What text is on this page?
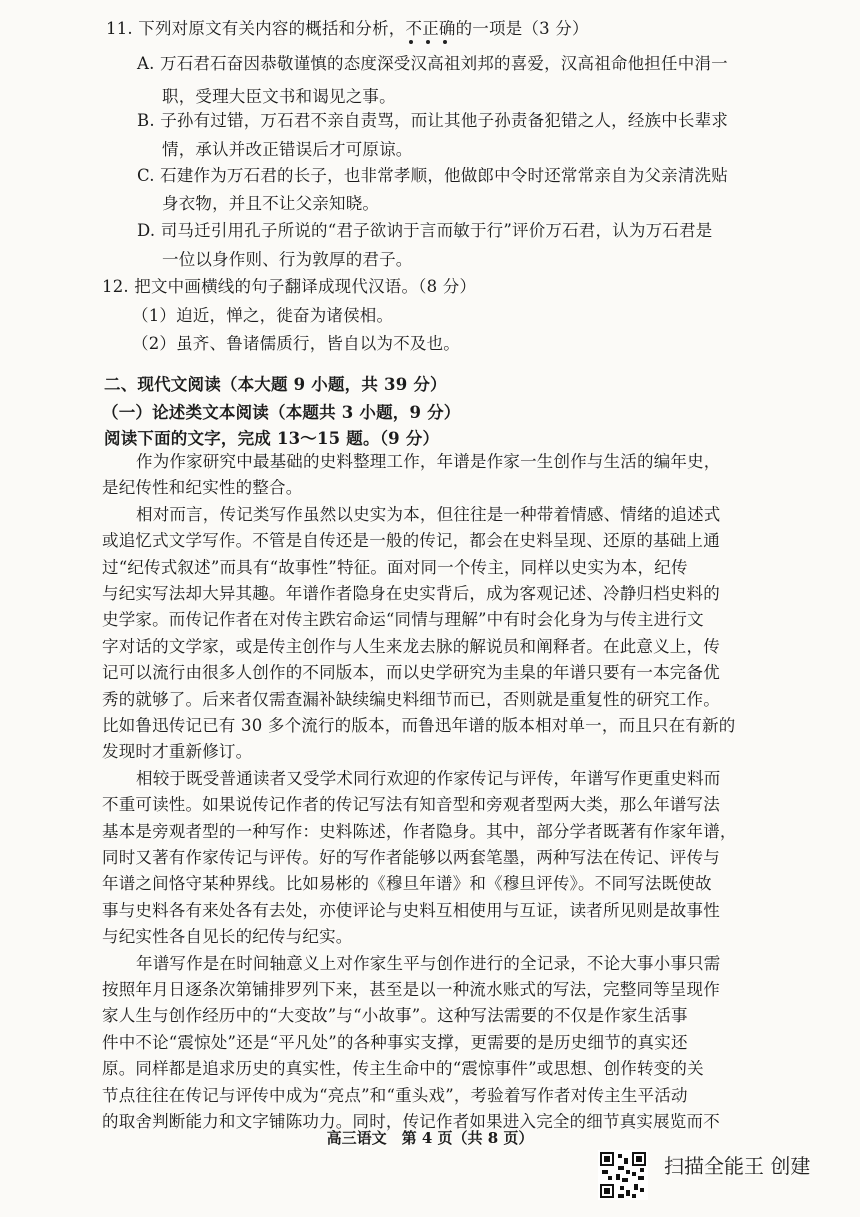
11. 下列对原文有关内容的概括和分析，不正确
的一项是（3 分）
A. 万石君石奋因恭敬谨慎的态度深受汉高祖刘邦的喜爱，汉高祖命他担任中涓一
职，受理大臣文书和谒见之事。
B. 子孙有过错，万石君不亲自责骂，而让其他子孙责备犯错之人，经族中长辈求
情，承认并改正错误后才可原谅。
C. 石建作为万石君的长子，也非常孝顺，他做郎中令时还常常亲自为父亲清洗贴
身衣物，并且不让父亲知晓。
D. 司马迁引用孔子所说的“君子欲讷于言而敏于行”评价万石君，认为万石君是
一位以身作则、行为敦厚的君子。
12. 把文中画横线的句子翻译成现代汉语。（8 分）
（1）迫近，惮之，徙奋为诸侯相。
（2）虽齐、鲁诸儒质行，皆自以为不及也。
二、现代文阅读（本大题 9 小题，共 39 分）
（一）论述类文本阅读（本题共 3 小题，9 分）
阅读下面的文字，完成 13～15 题。（9 分）
作为作家研究中最基础的史料整理工作，年谱是作家一生创作与生活的编年史，
是纪传性和纪实性的整合。
相对而言，传记类写作虽然以史实为本，但往往是一种带着情感、情绪的追述式
或追忆式文学写作。不管是自传还是一般的传记，都会在史料呈现、还原的基础上通
过“纪传式叙述”而具有“故事性”特征。面对同一个传主，同样以史实为本，纪传
与纪实写法却大异其趣。年谱作者隐身在史实背后，成为客观记述、冷静归档史料的
史学家。而传记作者在对传主跌宕命运“同情与理解”中有时会化身为与传主进行文
字对话的文学家，或是传主创作与人生来龙去脉的解说员和阐释者。在此意义上，传
记可以流行由很多人创作的不同版本，而以史学研究为圭臬的年谱只要有一本完备优
秀的就够了。后来者仅需查漏补缺续编史料细节而已，否则就是重复性的研究工作。
比如鲁迅传记已有 30 多个流行的版本，而鲁迅年谱的版本相对单一，而且只在有新的
发现时才重新修订。
相较于既受普通读者又受学术同行欢迎的作家传记与评传，年谱写作更重史料而
不重可读性。如果说传记作者的传记写法有知音型和旁观者型两大类，那么年谱写法
基本是旁观者型的一种写作：史料陈述，作者隐身。其中，部分学者既著有作家年谱，
同时又著有作家传记与评传。好的写作者能够以两套笔墨，两种写法在传记、评传与
年谱之间恪守某种界线。比如易彬的《穆旦年谱》和《穆旦评传》。不同写法既使故
事与史料各有来处各有去处，亦使评论与史料互相使用与互证，读者所见则是故事性
与纪实性各自见长的纪传与纪实。
年谱写作是在时间轴意义上对作家生平与创作进行的全记录，不论大事小事只需
按照年月日逐条次第铺排罗列下来，甚至是以一种流水账式的写法，完整同等呈现作
家人生与创作经历中的“大变故”与“小故事”。这种写法需要的不仅是作家生活事
件中不论“震惊处”还是“平凡处”的各种事实支撑，更需要的是历史细节的真实还
原。同样都是追求历史的真实性，传主生命中的“震惊事件”或思想、创作转变的关
节点往往在传记与评传中成为“亮点”和“重头戏”，考验着写作者对传主生平活动
的取舍判断能力和文字铺陈功力。同时，传记作者如果进入完全的细节真实展览而不
高三语文　第 4 页（共 8 页）
扫描全能王 创建
